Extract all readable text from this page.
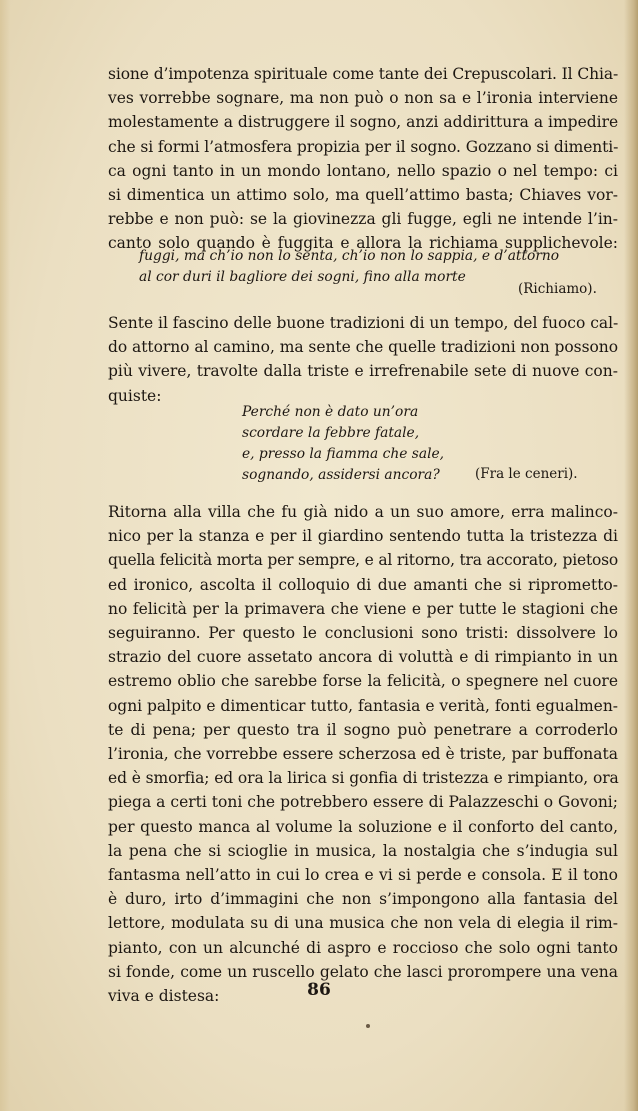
sione d’impotenza spirituale come tante dei Crepuscolari. Il Chia-
ves vorrebbe sognare, ma non può o non sa e l’ironia interviene
molestamente a distruggere il sogno, anzi addirittura a impedire
che si formi l’atmosfera propizia per il sogno. Gozzano si dimenti-
ca ogni tanto in un mondo lontano, nello spazio o nel tempo: ci
si dimentica un attimo solo, ma quell’attimo basta; Chiaves vor-
rebbe e non può: se la giovinezza gli fugge, egli ne intende l’in-
canto solo quando è fuggita e allora la richiama supplichevole:

fuggi, ma ch’io non lo senta, ch’io non lo sappia, e d’attorno
al cor duri il bagliore dei sogni, fino alla morte

(Richiamo).

Sente il fascino delle buone tradizioni di un tempo, del fuoco cal-
do attorno al camino, ma sente che quelle tradizioni non possono
più vivere, travolte dalla triste e irrefrenabile sete di nuove con-
quiste:

Perché non è dato un’ora
scordare la febbre fatale,
e, presso la fiamma che sale,
sognando, assidersi ancora?	(Fra le ceneri).

Ritorna alla villa che fu già nido a un suo amore, erra malinco-
nico per la stanza e per il giardino sentendo tutta la tristezza di
quella felicità morta per sempre, e al ritorno, tra accorato, pietoso
ed ironico, ascolta il colloquio di due amanti che si ripromettο-
no felicità per la primavera che viene e per tutte le stagioni che
seguiranno. Per questo le conclusioni sono tristi: dissolvere lo
strazio del cuore assetato ancora di voluttà e di rimpianto in un
estremo oblio che sarebbe forse la felicità, o spegnere nel cuore
ogni palpito e dimenticar tutto, fantasia e verità, fonti egualmen-
te di pena; per questo tra il sogno può penetrare a corroderlo
l’ironia, che vorrebbe essere scherzosa ed è triste, par buffonata
ed è smorfia; ed ora la lirica si gonfia di tristezza e rimpianto, ora
piega a certi toni che potrebbero essere di Palazzeschi o Govoni;
per questo manca al volume la soluzione e il conforto del canto,
la pena che si scioglie in musica, la nostalgia che s’indugia sul
fantasma nell’atto in cui lo crea e vi si perde e consola. E il tono
è duro, irto d’immagini che non s’impongono alla fantasia del
lettore, modulata su di una musica che non vela di elegia il rim-
pianto, con un alcunché di aspro e roccioso che solo ogni tanto
si fonde, come un ruscello gelato che lasci prorompere una vena
viva e distesa:	86
